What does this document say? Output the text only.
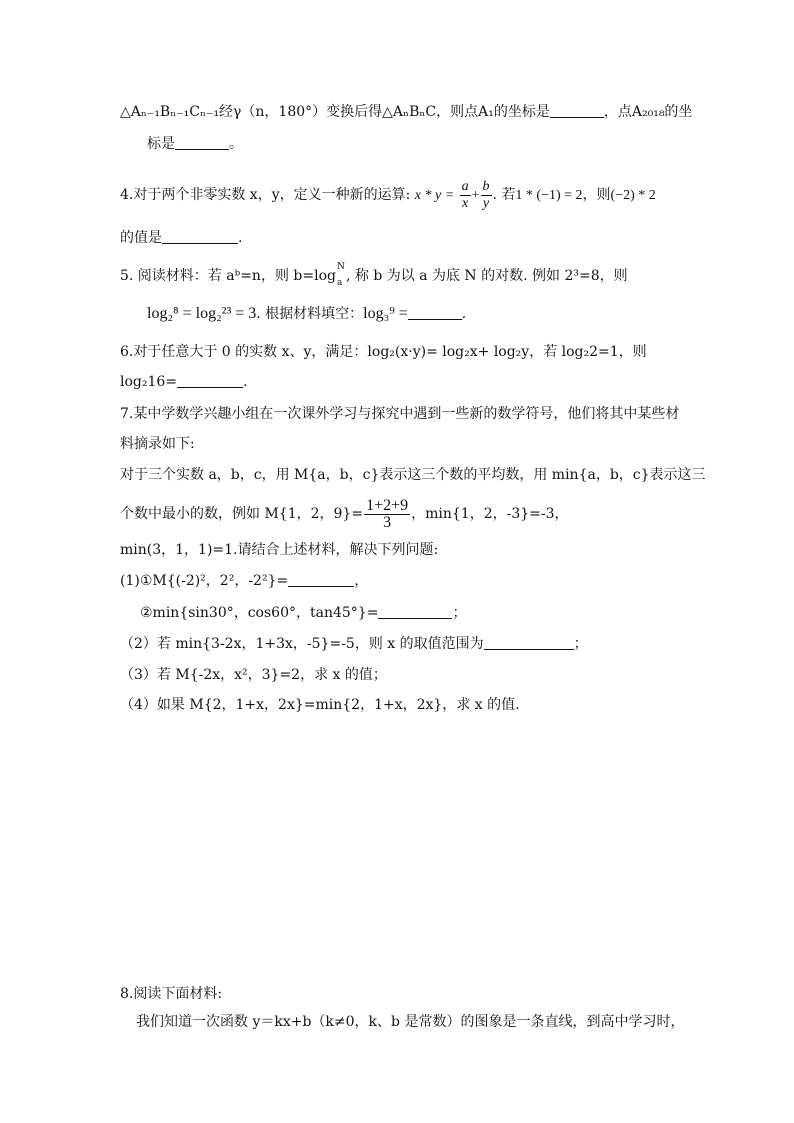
△Aₙ₋₁Bₙ₋₁Cₙ₋₁经γ（n，180°）变换后得△AₙBₙC，则点A₁的坐标是	，点A₂₀₁₈的坐
标是	。
4.对于两个非零实数 x，y，定义一种新的运算: $x * y = \frac{a}{x} + \frac{b}{y}$ . 若1 * (−1) = 2，则(−2) * 2
的值是	.
5. 阅读材料：若 aᵇ=n，则 b=log
N
a , 称 b 为以 a 为底 N 的对数. 例如 2³=8，则
log₂⁸ = log₂²³ = 3. 根据材料填空：log₃⁹ =	.
6.对于任意大于 0 的实数 x、y，满足：log₂(x·y)= log₂x+ log₂y，若 log₂2=1，则
log₂16=	.
7.某中学数学兴趣小组在一次课外学习与探究中遇到一些新的数学符号，他们将其中某些材
料摘录如下:
对于三个实数 a，b，c，用 M{a，b，c}表示这三个数的平均数，用 min{a，b，c}表示这三
个数中最小的数，例如 M{1，2，$9\}= \frac{1+2+9}{3}$ ，min{1，2，-3}=-3，
min(3，1，1)=1.请结合上述材料，解决下列问题:
(1)①M{(-2)²，2²，-2²}=	，
②min{sin30°，cos60°，tan45°}=	；
（2）若 min{3-2x，1+3x，-5}=-5，则 x 的取值范围为	；
（3）若 M{-2x，x²，3}=2，求 x 的值；
（4）如果 M{2，1+x，2x}=min{2，1+x，2x}，求 x 的值.
8.阅读下面材料:
我们知道一次函数 y＝kx+b（k≠0，k、b 是常数）的图象是一条直线，到高中学习时，
